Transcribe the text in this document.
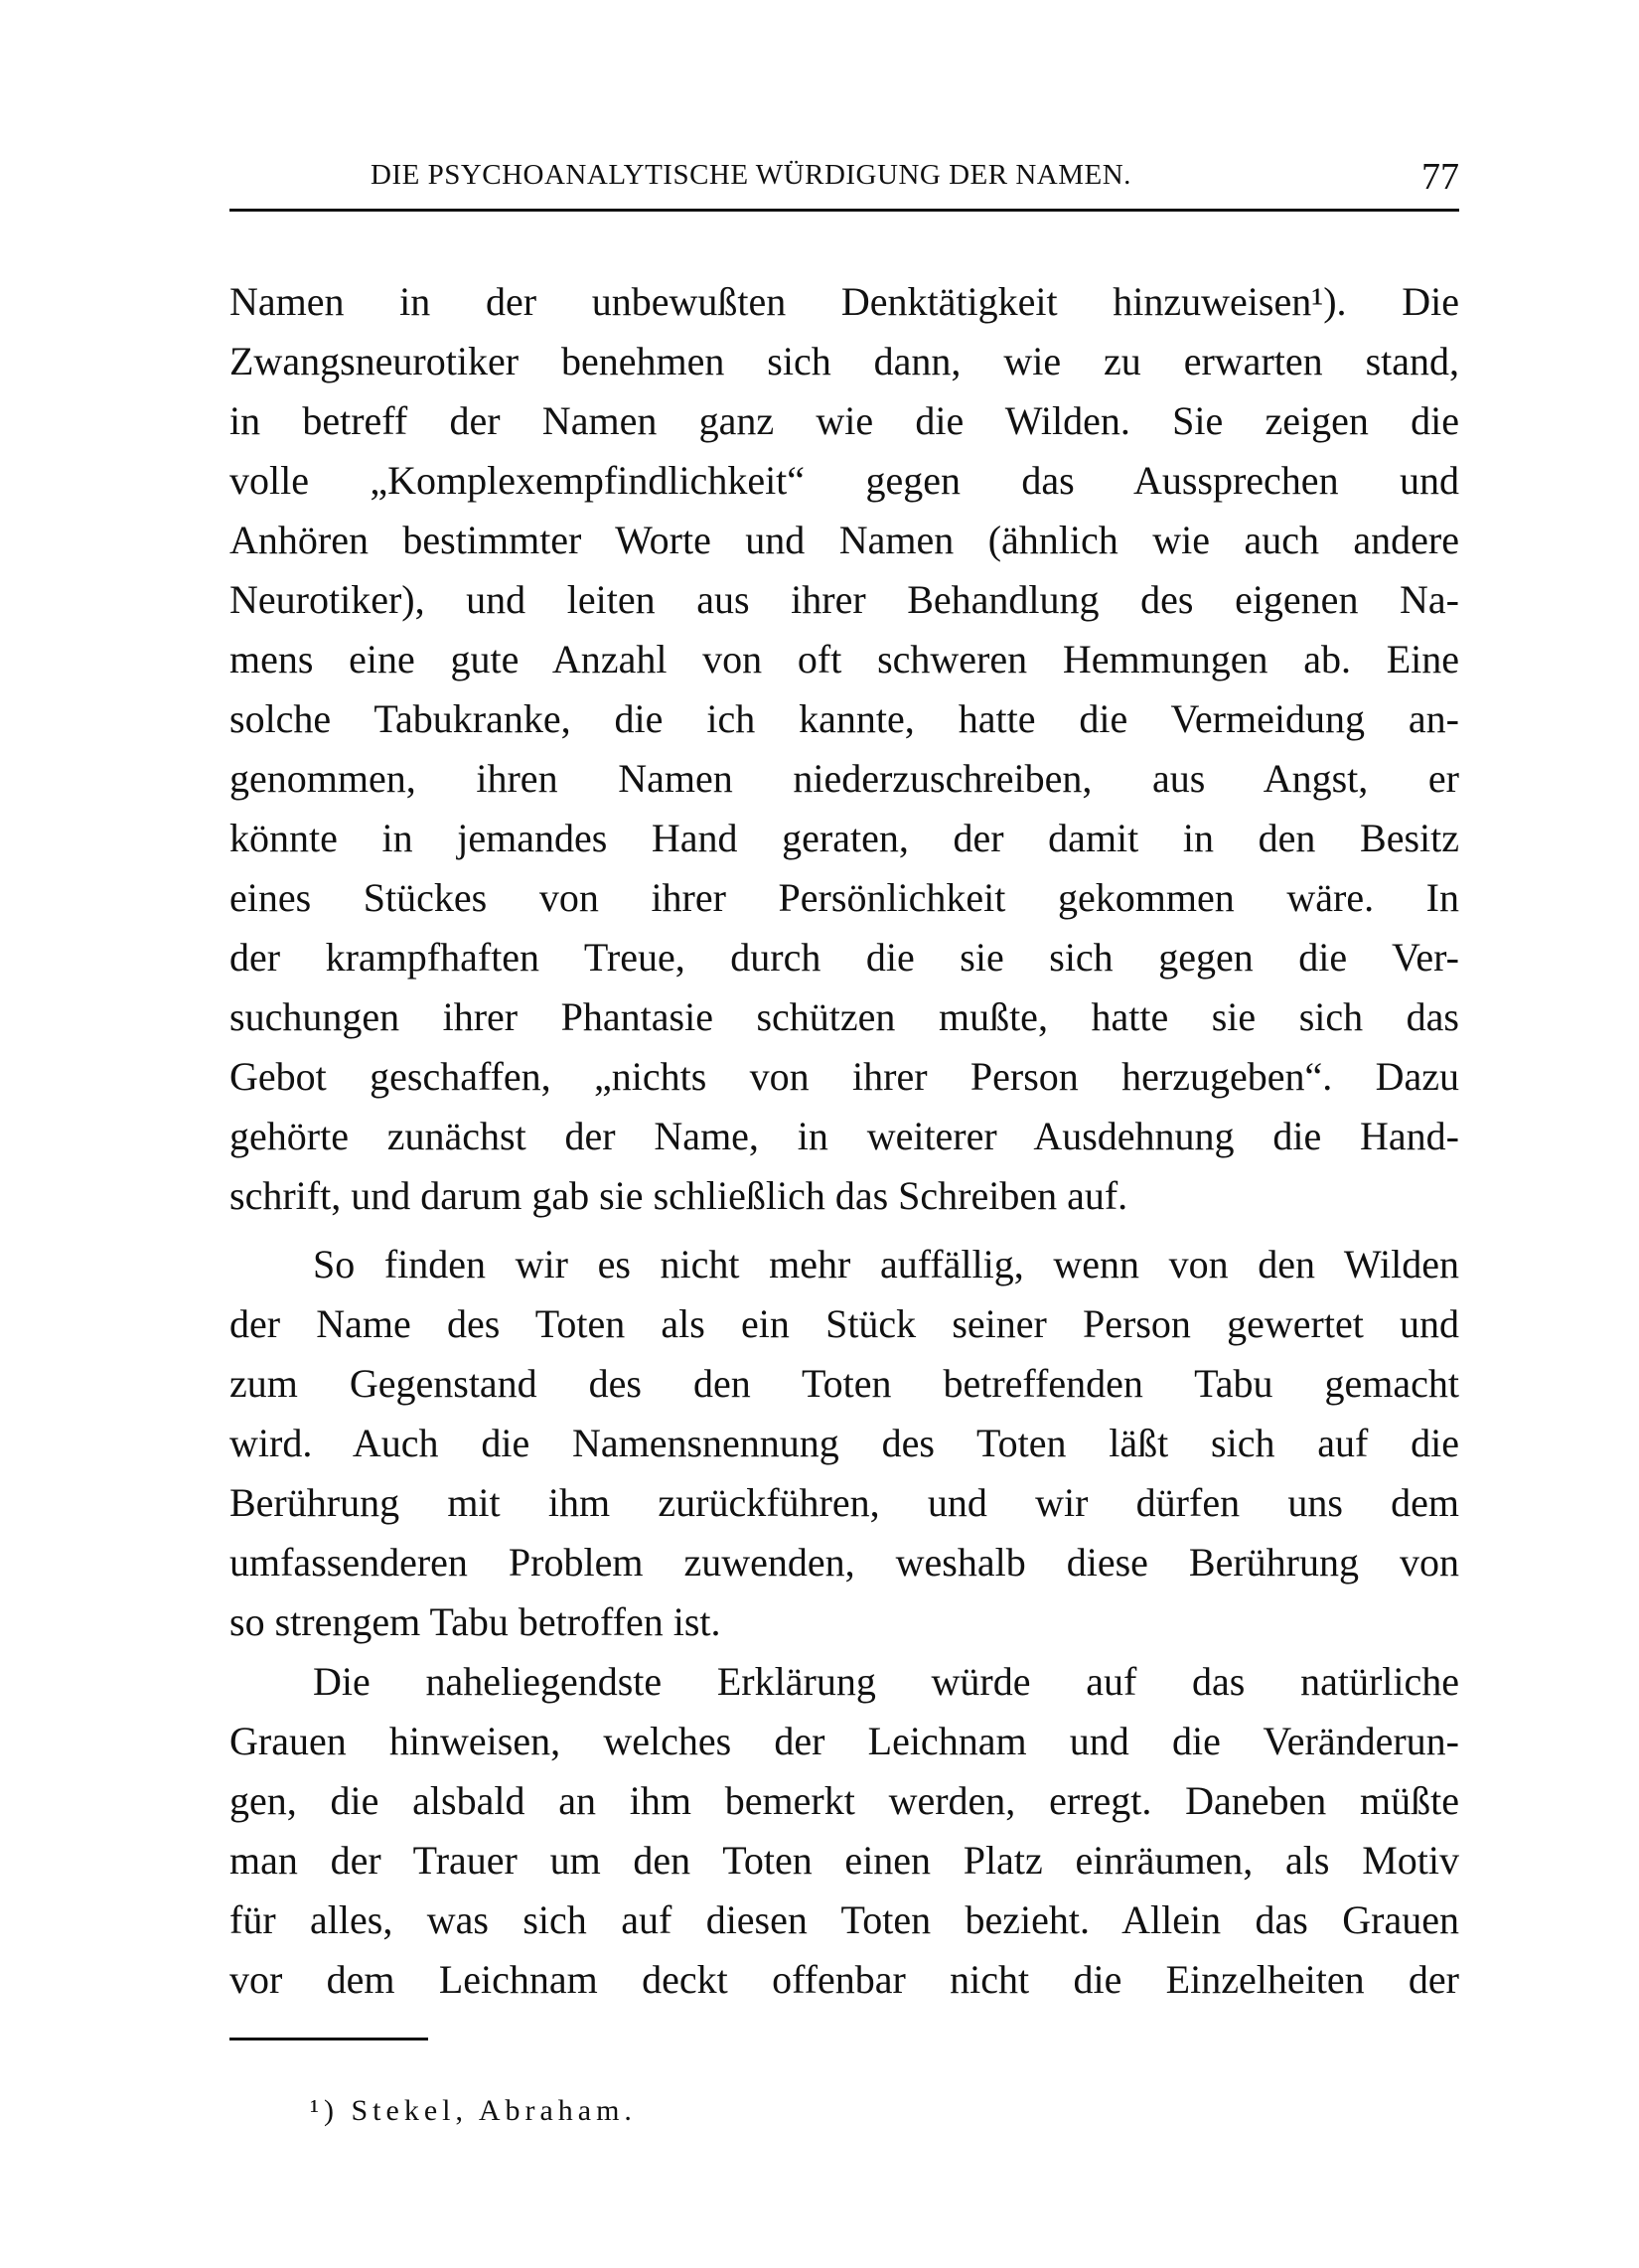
DIE PSYCHOANALYTISCHE WÜRDIGUNG DER NAMEN.	77
Namen in der unbewußten Denktätigkeit hinzuweisen¹). Die
Zwangsneurotiker benehmen sich dann, wie zu erwarten stand,
in betreff der Namen ganz wie die Wilden. Sie zeigen die
volle „Komplexempfindlichkeit“ gegen das Aussprechen und
Anhören bestimmter Worte und Namen (ähnlich wie auch andere
Neurotiker), und leiten aus ihrer Behandlung des eigenen Na-
mens eine gute Anzahl von oft schweren Hemmungen ab. Eine
solche Tabukranke, die ich kannte, hatte die Vermeidung an-
genommen, ihren Namen niederzuschreiben, aus Angst, er
könnte in jemandes Hand geraten, der damit in den Besitz
eines Stückes von ihrer Persönlichkeit gekommen wäre. In
der krampfhaften Treue, durch die sie sich gegen die Ver-
suchungen ihrer Phantasie schützen mußte, hatte sie sich das
Gebot geschaffen, „nichts von ihrer Person herzugeben“. Dazu
gehörte zunächst der Name, in weiterer Ausdehnung die Hand-
schrift, und darum gab sie schließlich das Schreiben auf.
So finden wir es nicht mehr auffällig, wenn von den Wilden
der Name des Toten als ein Stück seiner Person gewertet und
zum Gegenstand des den Toten betreffenden Tabu gemacht
wird. Auch die Namensnennung des Toten läßt sich auf die
Berührung mit ihm zurückführen, und wir dürfen uns dem
umfassenderen Problem zuwenden, weshalb diese Berührung von
so strengem Tabu betroffen ist.
Die naheliegendste Erklärung würde auf das natürliche
Grauen hinweisen, welches der Leichnam und die Veränderun-
gen, die alsbald an ihm bemerkt werden, erregt. Daneben müßte
man der Trauer um den Toten einen Platz einräumen, als Motiv
für alles, was sich auf diesen Toten bezieht. Allein das Grauen
vor dem Leichnam deckt offenbar nicht die Einzelheiten der
¹) Stekel, Abraham.
